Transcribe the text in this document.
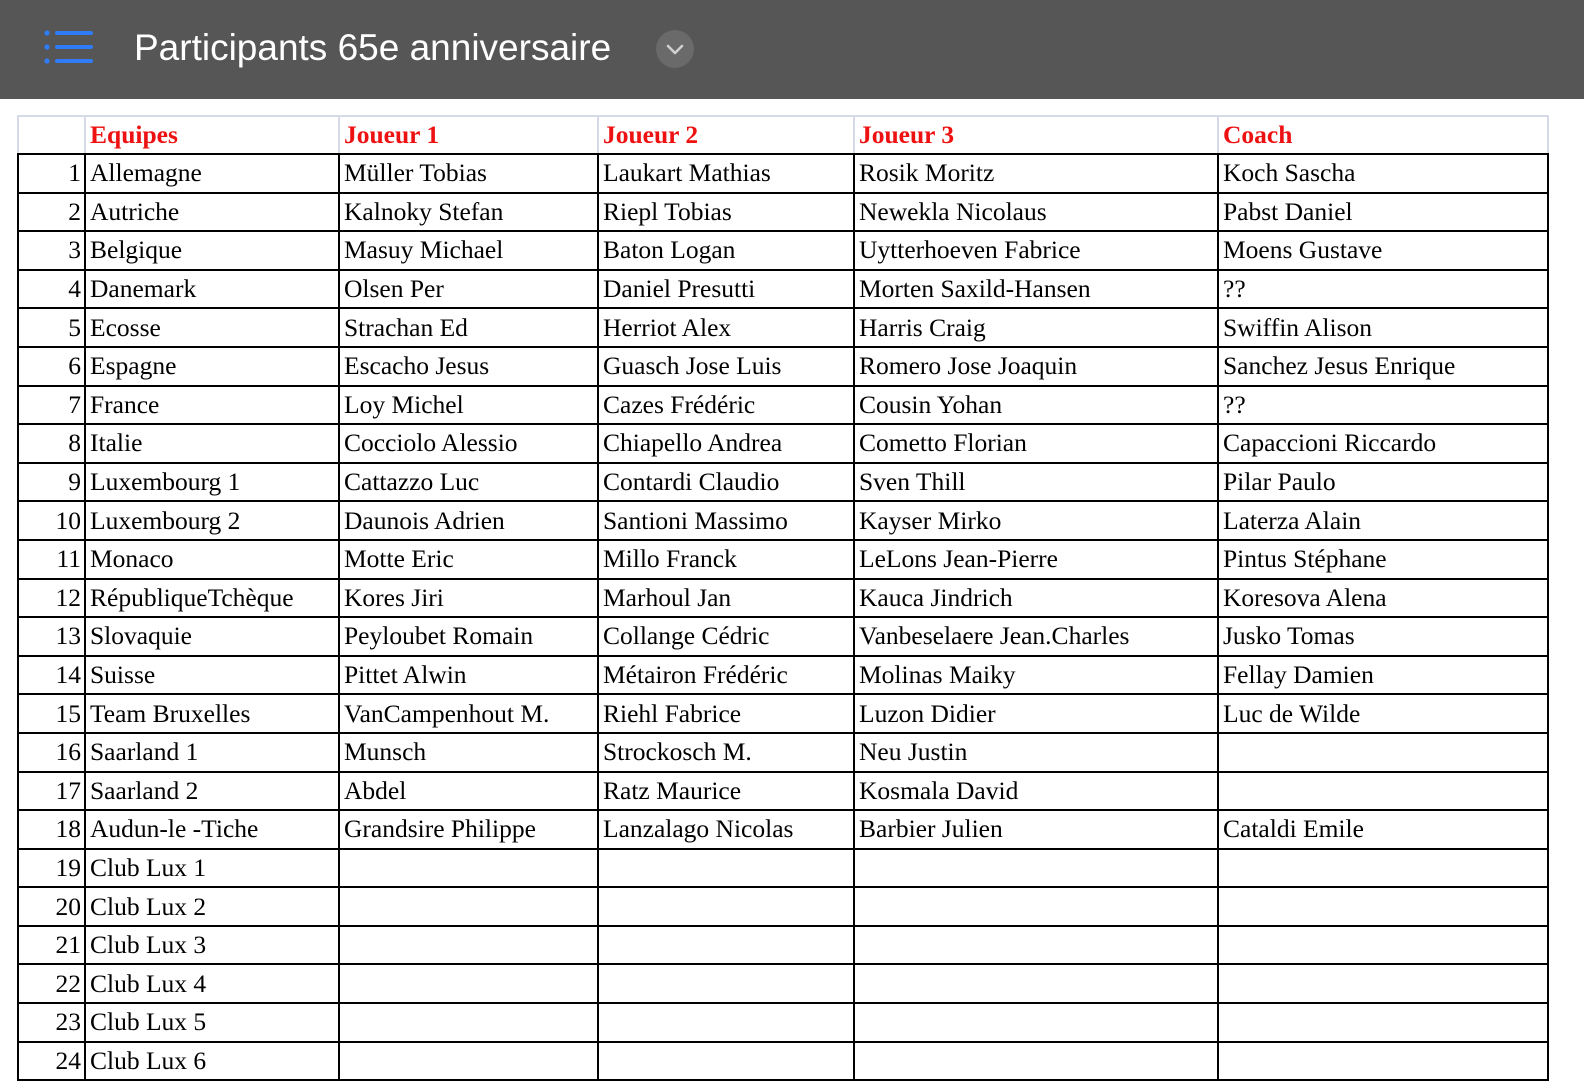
Participants 65e anniversaire
	Equipes	Joueur 1	Joueur 2	Joueur 3	Coach
1	Allemagne	Müller Tobias	Laukart Mathias	Rosik Moritz	Koch Sascha
2	Autriche	Kalnoky Stefan	Riepl Tobias	Newekla Nicolaus	Pabst Daniel
3	Belgique	Masuy Michael	Baton Logan	Uytterhoeven Fabrice	Moens Gustave
4	Danemark	Olsen Per	Daniel Presutti	Morten Saxild-Hansen	??
5	Ecosse	Strachan Ed	Herriot Alex	Harris Craig	Swiffin Alison
6	Espagne	Escacho Jesus	Guasch Jose Luis	Romero Jose Joaquin	Sanchez Jesus Enrique
7	France	Loy Michel	Cazes Frédéric	Cousin Yohan	??
8	Italie	Cocciolo Alessio	Chiapello Andrea	Cometto Florian	Capaccioni Riccardo
9	Luxembourg 1	Cattazzo Luc	Contardi Claudio	Sven Thill	Pilar Paulo
10	Luxembourg 2	Daunois Adrien	Santioni Massimo	Kayser Mirko	Laterza Alain
11	Monaco	Motte Eric	Millo Franck	LeLons Jean-Pierre	Pintus Stéphane
12	RépubliqueTchèque	Kores Jiri	Marhoul Jan	Kauca Jindrich	Koresova Alena
13	Slovaquie	Peyloubet Romain	Collange Cédric	Vanbeselaere Jean.Charles	Jusko Tomas
14	Suisse	Pittet Alwin	Métairon Frédéric	Molinas Maiky	Fellay Damien
15	Team Bruxelles	VanCampenhout M.	Riehl Fabrice	Luzon Didier	Luc de Wilde
16	Saarland 1	Munsch	Strockosch M.	Neu Justin	
17	Saarland 2	Abdel	Ratz Maurice	Kosmala David	
18	Audun-le -Tiche	Grandsire Philippe	Lanzalago Nicolas	Barbier Julien	Cataldi Emile
19	Club Lux 1				
20	Club Lux 2				
21	Club Lux 3				
22	Club Lux 4				
23	Club Lux 5				
24	Club Lux 6				
